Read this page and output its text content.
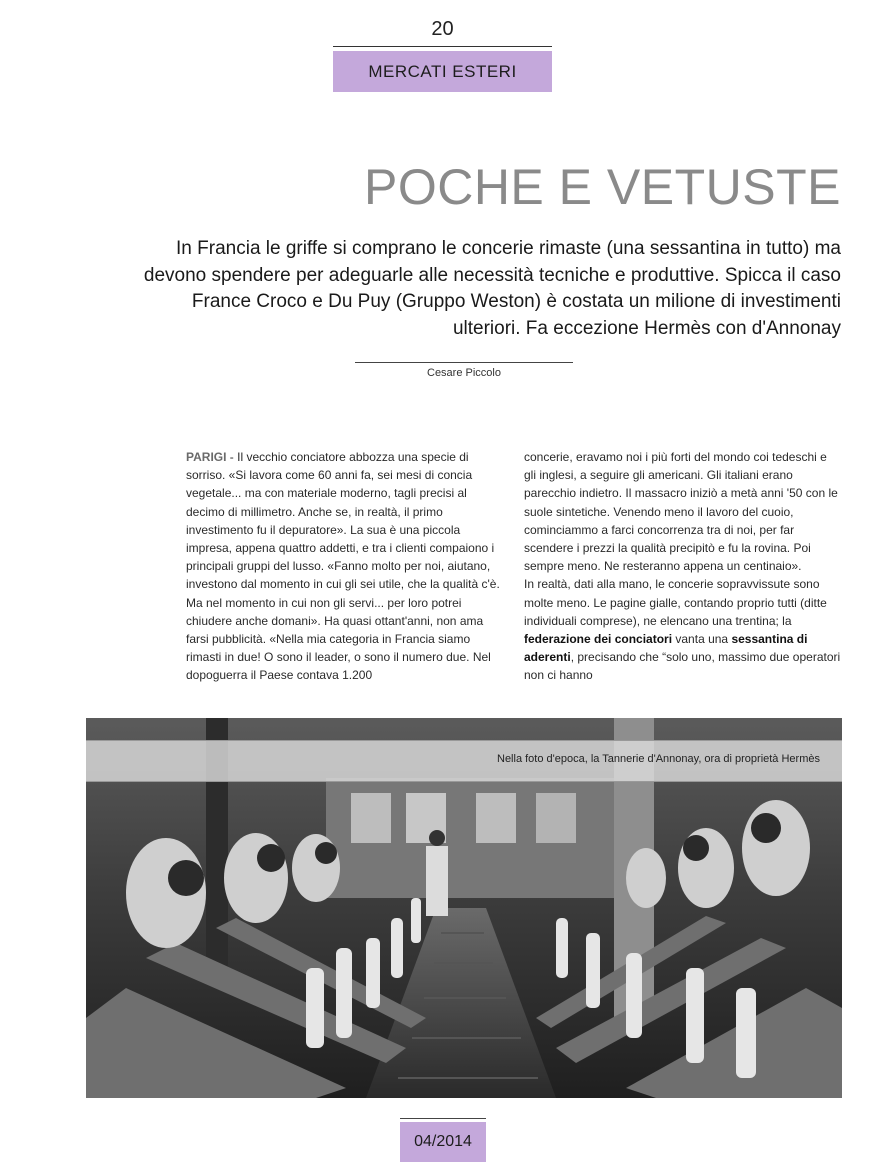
20
MERCATI ESTERI
POCHE E VETUSTE

In Francia le griffe si comprano le concerie rimaste (una sessantina in tutto) ma devono spendere per adeguarle alle necessità tecniche e produttive. Spicca il caso France Croco e Du Puy (Gruppo Weston) è costata un milione di investimenti ulteriori. Fa eccezione Hermès con d'Annonay

Cesare Piccolo

PARIGI - Il vecchio conciatore abbozza una specie di sorriso. «Si lavora come 60 anni fa, sei mesi di concia vegetale... ma con materiale moderno, tagli precisi al decimo di millimetro. Anche se, in realtà, il primo investimento fu il depuratore». La sua è una piccola impresa, appena quattro addetti, e tra i clienti compaiono i principali gruppi del lusso. «Fanno molto per noi, aiutano, investono dal momento in cui gli sei utile, che la qualità c'è. Ma nel momento in cui non gli servi... per loro potrei chiudere anche domani». Ha quasi ottant'anni, non ama farsi pubblicità. «Nella mia categoria in Francia siamo rimasti in due! O sono il leader, o sono il numero due. Nel dopoguerra il Paese contava 1.200

concerie, eravamo noi i più forti del mondo coi tedeschi e gli inglesi, a seguire gli americani. Gli italiani erano parecchio indietro. Il massacro iniziò a metà anni '50 con le suole sintetiche. Venendo meno il lavoro del cuoio, cominciammo a farci concorrenza tra di noi, per far scendere i prezzi la qualità precipitò e fu la rovina. Poi sempre meno. Ne resteranno appena un centinaio».

In realtà, dati alla mano, le concerie sopravvissute sono molte meno. Le pagine gialle, contando proprio tutti (ditte individuali comprese), ne elencano una trentina; la federazione dei conciatori vanta una sessantina di aderenti, precisando che “solo uno, massimo due operatori non ci hanno

Nella foto d'epoca, la Tannerie d'Annonay, ora di proprietà Hermès
04/2014
